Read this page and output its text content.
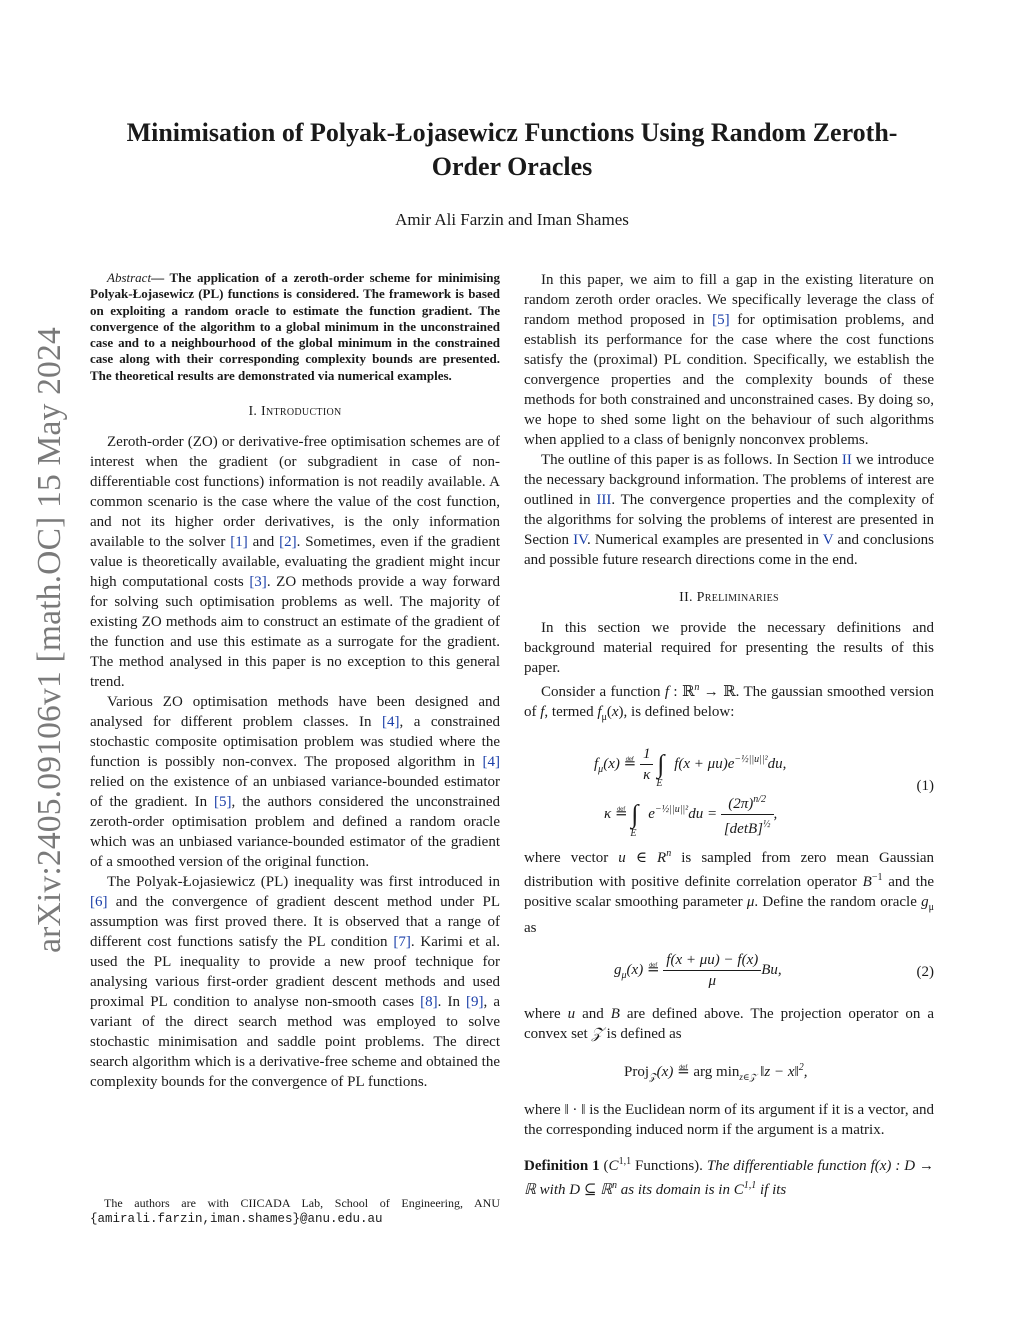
arXiv:2405.09106v1 [math.OC] 15 May 2024
Minimisation of Polyak-Łojasewicz Functions Using Random Zeroth-Order Oracles
Amir Ali Farzin and Iman Shames

Abstract— The application of a zeroth-order scheme for minimising Polyak-Łojasewicz (PL) functions is considered. The framework is based on exploiting a random oracle to estimate the function gradient. The convergence of the algorithm to a global minimum in the unconstrained case and to a neighbourhood of the global minimum in the constrained case along with their corresponding complexity bounds are presented. The theoretical results are demonstrated via numerical examples.

I. Introduction

Zeroth-order (ZO) or derivative-free optimisation schemes are of interest when the gradient (or subgradient in case of non-differentiable cost functions) information is not readily available. A common scenario is the case where the value of the cost function, and not its higher order derivatives, is the only information available to the solver [1] and [2]. Sometimes, even if the gradient value is theoretically available, evaluating the gradient might incur high computational costs [3]. ZO methods provide a way forward for solving such optimisation problems as well. The majority of existing ZO methods aim to construct an estimate of the gradient of the function and use this estimate as a surrogate for the gradient. The method analysed in this paper is no exception to this general trend.

Various ZO optimisation methods have been designed and analysed for different problem classes. In [4], a constrained stochastic composite optimisation problem was studied where the function is possibly non-convex. The proposed algorithm in [4] relied on the existence of an unbiased variance-bounded estimator of the gradient. In [5], the authors considered the unconstrained zeroth-order optimisation problem and defined a random oracle which was an unbiased variance-bounded estimator of the gradient of a smoothed version of the original function.

The Polyak-Łojasiewicz (PL) inequality was first introduced in [6] and the convergence of gradient descent method under PL assumption was first proved there. It is observed that a range of different cost functions satisfy the PL condition [7]. Karimi et al. used the PL inequality to provide a new proof technique for analysing various first-order gradient descent methods and used proximal PL condition to analyse non-smooth cases [8]. In [9], a variant of the direct search method was employed to solve stochastic minimisation and saddle point problems. The direct search algorithm which is a derivative-free scheme and obtained the complexity bounds for the convergence of PL functions.

The authors are with CIICADA Lab, School of Engineering, ANU {amirali.farzin,iman.shames}@anu.edu.au

In this paper, we aim to fill a gap in the existing literature on random zeroth order oracles. We specifically leverage the class of random method proposed in [5] for optimisation problems, and establish its performance for the case where the cost functions satisfy the (proximal) PL condition. Specifically, we establish the convergence properties and the complexity bounds of these methods for both constrained and unconstrained cases. By doing so, we hope to shed some light on the behaviour of such algorithms when applied to a class of benignly nonconvex problems.

The outline of this paper is as follows. In Section II we introduce the necessary background information. The problems of interest are outlined in III. The convergence properties and the complexity of the algorithms for solving the problems of interest are presented in Section IV. Numerical examples are presented in V and conclusions and possible future research directions come in the end.

II. Preliminaries

In this section we provide the necessary definitions and background material required for presenting the results of this paper.

Consider a function f : ℝ$^n$ → ℝ. The gaussian smoothed version of f, termed $f_\mu(x)$, is defined below:

$f_\mu(x)$ ≝ $\frac{1}{\kappa} \int_E$ $f(x + \mu u)e^{-\frac{1}{2}||u||^2}du$,
κ ≝ $\int_E$ $e^{-\frac{1}{2}||u||^2}du = \frac{(2\pi)^{n/2}}{[\det B]^{\frac{1}{2}}}$ ,
(1)

where vector u ∈ $R^n$ is sampled from zero mean Gaussian distribution with positive definite correlation operator $B^{-1}$ and the positive scalar smoothing parameter μ. Define the random oracle $g_\mu$ as

$g_\mu(x)$ ≝ $\frac{f(x + \mu u) - f(x)}{\mu} Bu$,	(2)

where u and B are defined above. The projection operator on a convex set 𝒵 is defined as

Proj$_𝒵$(x) ≝ arg $\min_{z\in 𝒵}$ ‖z − x‖$^2$,

where ‖ · ‖ is the Euclidean norm of its argument if it is a vector, and the corresponding induced norm if the argument is a matrix.

Definition 1 ($C^{1,1}$ Functions). The differentiable function f(x) : D → ℝ with D ⊆ ℝ$^n$ as its domain is in C$^{1,1}$ if its
